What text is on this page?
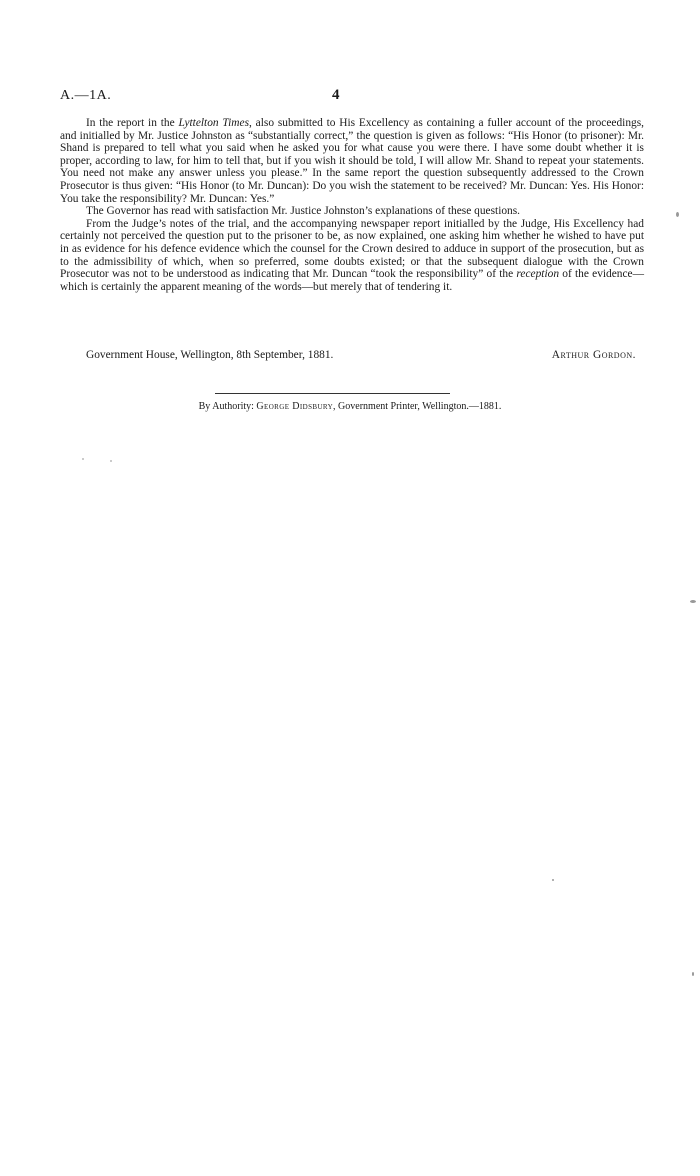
A.—1A.	4

In the report in the Lyttelton Times, also submitted to His Excellency as containing a fuller account of the proceedings, and initialled by Mr. Justice Johnston as “substantially correct,” the question is given as follows: “His Honor (to prisoner): Mr. Shand is prepared to tell what you said when he asked you for what cause you were there. I have some doubt whether it is proper, according to law, for him to tell that, but if you wish it should be told, I will allow Mr. Shand to repeat your statements. You need not make any answer unless you please.” In the same report the question subsequently addressed to the Crown Prosecutor is thus given: “His Honor (to Mr. Duncan): Do you wish the statement to be received? Mr. Duncan: Yes. His Honor: You take the responsibility? Mr. Duncan: Yes.”

The Governor has read with satisfaction Mr. Justice Johnston’s explanations of these questions.

From the Judge’s notes of the trial, and the accompanying newspaper report initialled by the Judge, His Excellency had certainly not perceived the question put to the prisoner to be, as now explained, one asking him whether he wished to have put in as evidence for his defence evidence which the counsel for the Crown desired to adduce in support of the prosecution, but as to the admissibility of which, when so preferred, some doubts existed; or that the subsequent dialogue with the Crown Prosecutor was not to be understood as indicating that Mr. Duncan “took the responsibility” of the reception of the evidence—which is certainly the apparent meaning of the words—but merely that of tendering it.

Government House, Wellington, 8th September, 1881.	Arthur Gordon.
By Authority: George Didsbury, Government Printer, Wellington.—1881.
